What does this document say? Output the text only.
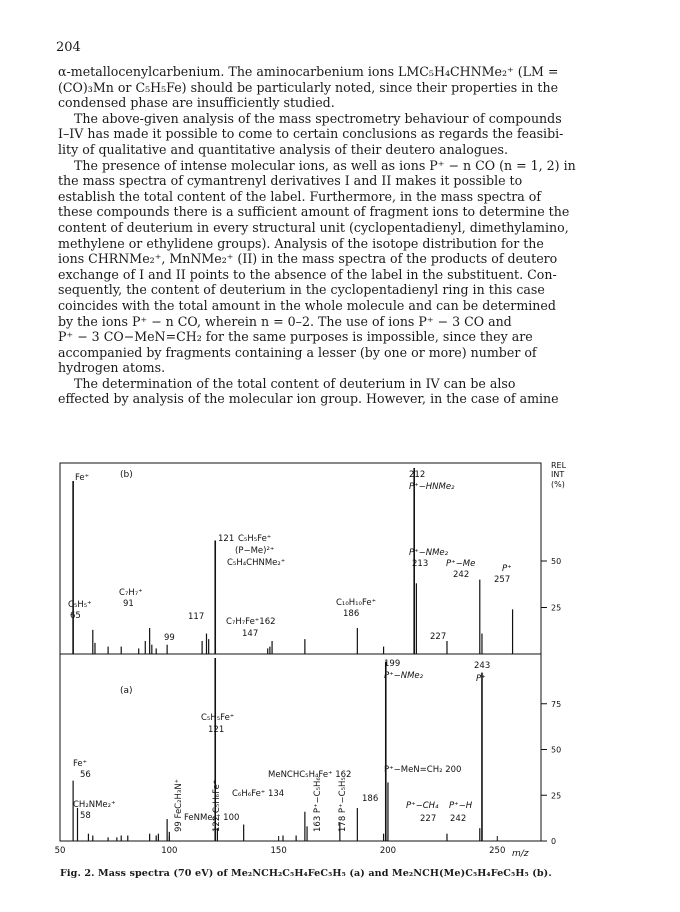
204
α-metallocenylcarbenium. The aminocarbenium ions LMC₅H₄CHNMe₂⁺ (LM =
(CO)₃Mn or C₅H₅Fe) should be particularly noted, since their properties in the
condensed phase are insufficiently studied.
The above-given analysis of the mass spectrometry behaviour of compounds
I–IV has made it possible to come to certain conclusions as regards the feasibi-
lity of qualitative and quantitative analysis of their deutero analogues.
The presence of intense molecular ions, as well as ions P⁺ − n CO (n = 1, 2) in
the mass spectra of cymantrenyl derivatives I and II makes it possible to
establish the total content of the label. Furthermore, in the mass spectra of
these compounds there is a sufficient amount of fragment ions to determine the
content of deuterium in every structural unit (cyclopentadienyl, dimethylamino,
methylene or ethylidene groups). Analysis of the isotope distribution for the
ions CHRNMe₂⁺, MnNMe₂⁺ (II) in the mass spectra of the products of deutero
exchange of I and II points to the absence of the label in the substituent. Con-
sequently, the content of deuterium in the cyclopentadienyl ring in this case
coincides with the total amount in the whole molecule and can be determined
by the ions P⁺ − n CO, wherein n = 0–2. The use of ions P⁺ − 3 CO and
P⁺ − 3 CO−MeN=CH₂ for the same purposes is impossible, since they are
accompanied by fragments containing a lesser (by one or more) number of
hydrogen atoms.
The determination of the total content of deuterium in IV can be also
effected by analysis of the molecular ion group. However, in the case of amine
50	100	150	200	250
50
25
75
50
25
0
(b)
(a)
REL
INT
(%)
m/z
Fe⁺
C₅H₅⁺
65
C₇H₇⁺
91
99
117
121 C₅H₅Fe⁺
(P−Me)²⁺
C₅H₄CHNMe₂⁺
C₇H₇Fe⁺162
147
C₁₀H₁₀Fe⁺
186
212
P⁺−HNMe₂
P⁺−NMe₂
213 P⁺−Me
242
P⁺
257
227
Fe⁺
56
CH₂NMe₂⁺
58	99 FeC₂H₃N⁺ FeNMe₂⁺ 100
122 C₅H₆Fe⁺
C₅H₅Fe⁺
121
C₆H₆Fe⁺ 134
MeNCHC₅H₄Fe⁺ 162
163 P⁺−C₅H₆ 178 P⁺−C₅H₅ 186
199
P⁺−NMe₂
P⁺−MeN=CH₂ 200
P⁺−CH₄
227
P⁺−H
242
243
P⁺
Fig. 2. Mass spectra (70 eV) of Me₂NCH₂C₅H₄FeC₅H₅ (a) and Me₂NCH(Me)C₅H₄FeC₅H₅ (b).
